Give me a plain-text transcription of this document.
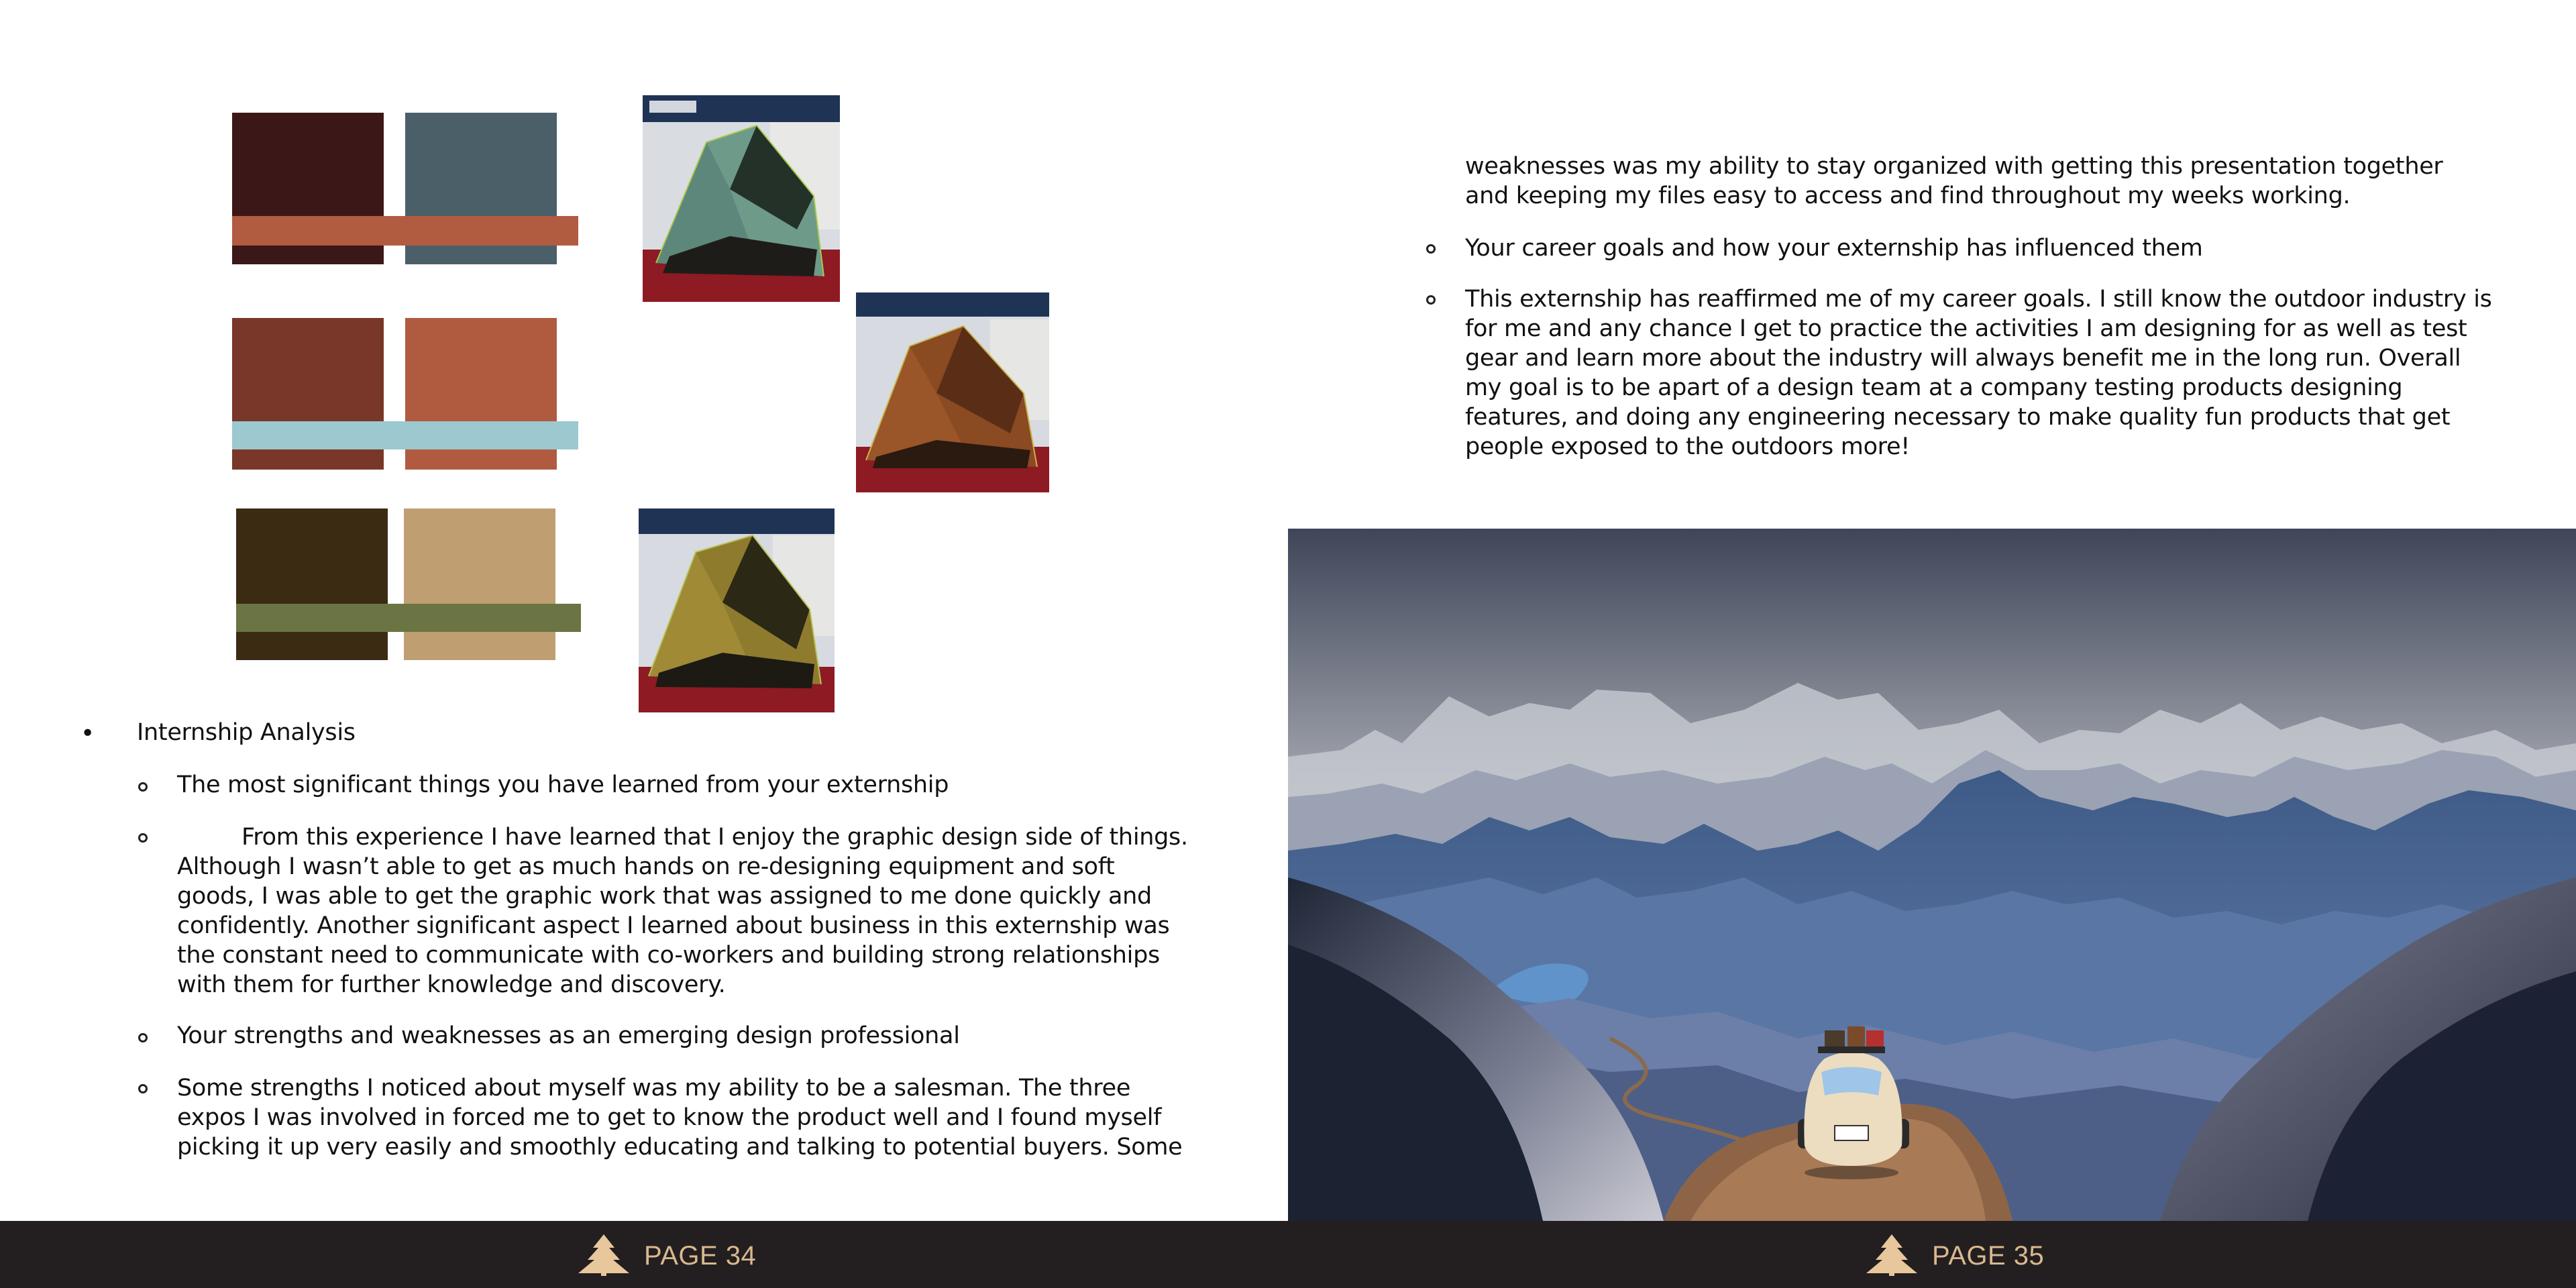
• Internship Analysis
The most significant things you have learned from your externship
From this experience I have learned that I enjoy the graphic design side of things.
Although I wasn’t able to get as much hands on re-designing equipment and soft
goods, I was able to get the graphic work that was assigned to me done quickly and
confidently. Another significant aspect I learned about business in this externship was
the constant need to communicate with co-workers and building strong relationships
with them for further knowledge and discovery.
Your strengths and weaknesses as an emerging design professional
Some strengths I noticed about myself was my ability to be a salesman. The three
expos I was involved in forced me to get to know the product well and I found myself
picking it up very easily and smoothly educating and talking to potential buyers. Some
PAGE 34
weaknesses was my ability to stay organized with getting this presentation together
and keeping my files easy to access and find throughout my weeks working.
Your career goals and how your externship has influenced them
This externship has reaffirmed me of my career goals. I still know the outdoor industry is
for me and any chance I get to practice the activities I am designing for as well as test
gear and learn more about the industry will always benefit me in the long run. Overall
my goal is to be apart of a design team at a company testing products designing
features, and doing any engineering necessary to make quality fun products that get
people exposed to the outdoors more!
PAGE 35
